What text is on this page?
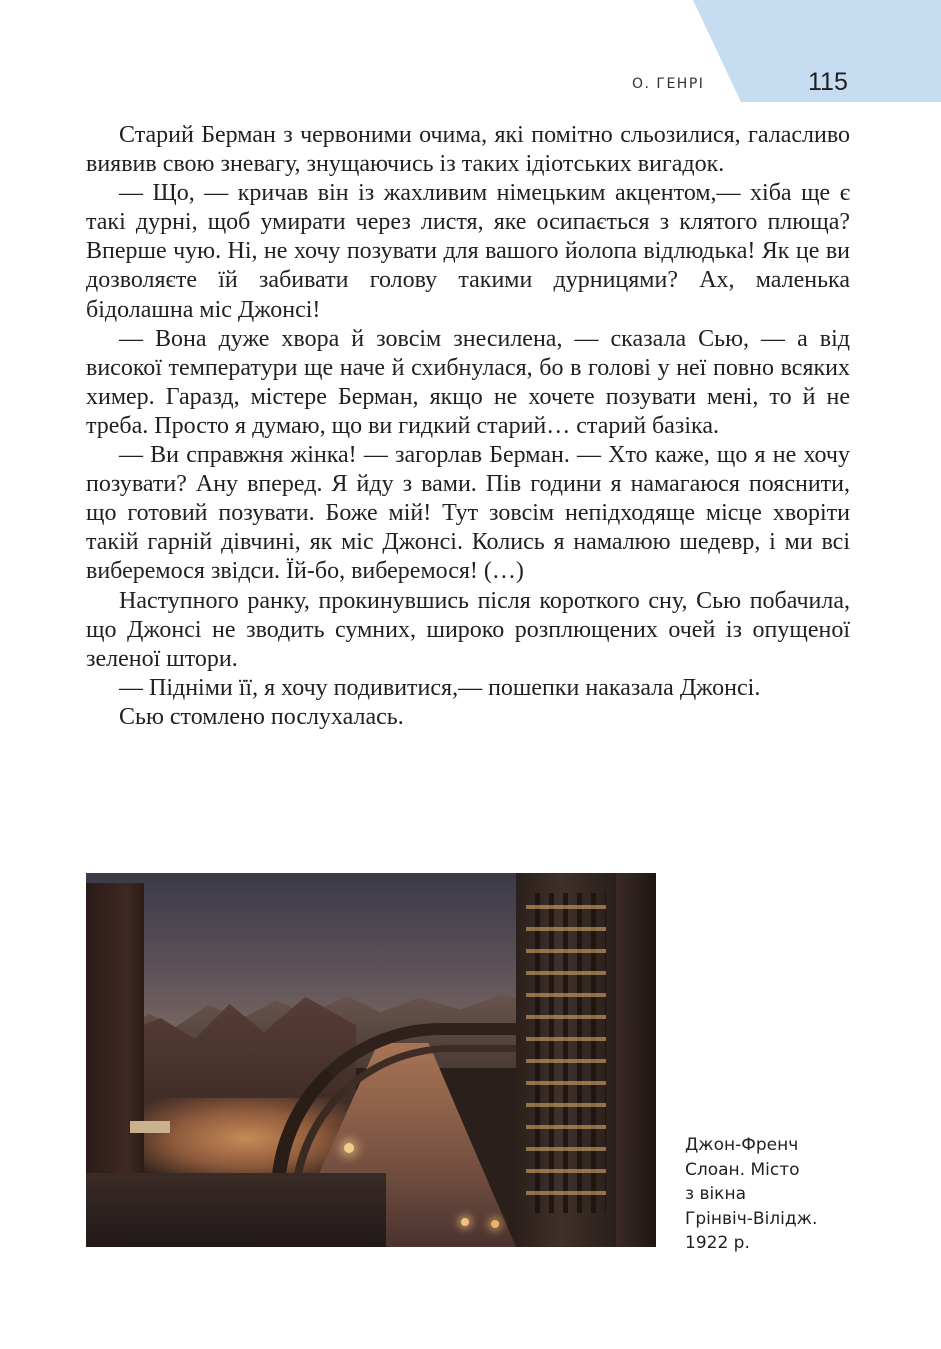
О. ГЕНРІ	115

Старий Берман з червоними очима, які помітно сльозилися, галасливо виявив свою зневагу, знущаючись із таких ідіотських вигадок.

— Що, — кричав він із жахливим німецьким акцентом,— хіба ще є такі дурні, щоб умирати через листя, яке осипається з клятого плюща? Вперше чую. Ні, не хочу позувати для вашого йолопа відлюдька! Як це ви дозволяєте їй забивати голову такими дурницями? Ах, маленька бідолашна міс Джонсі!

— Вона дуже хвора й зовсім знесилена, — сказала Сью, — а від високої температури ще наче й схибнулася, бо в голові у неї повно всяких химер. Гаразд, містере Берман, якщо не хочете позувати мені, то й не треба. Просто я думаю, що ви гидкий старий… старий базіка.

— Ви справжня жінка! — загорлав Берман. — Хто каже, що я не хочу позувати? Ану вперед. Я йду з вами. Пів години я намагаюся пояснити, що готовий позувати. Боже мій! Тут зовсім непідходяще місце хворіти такій гарній дівчині, як міс Джонсі. Колись я намалюю шедевр, і ми всі виберемося звідси. Їй-бо, виберемося! (…)

Наступного ранку, прокинувшись після короткого сну, Сью побачила, що Джонсі не зводить сумних, широко розплющених очей із опущеної зеленої штори.

— Підніми її, я хочу подивитися,— пошепки наказала Джонсі.

Сью стомлено послухалась.

Джон-Френч
Слоан. Місто
з вікна
Грінвіч-Вілідж.
1922 р.
